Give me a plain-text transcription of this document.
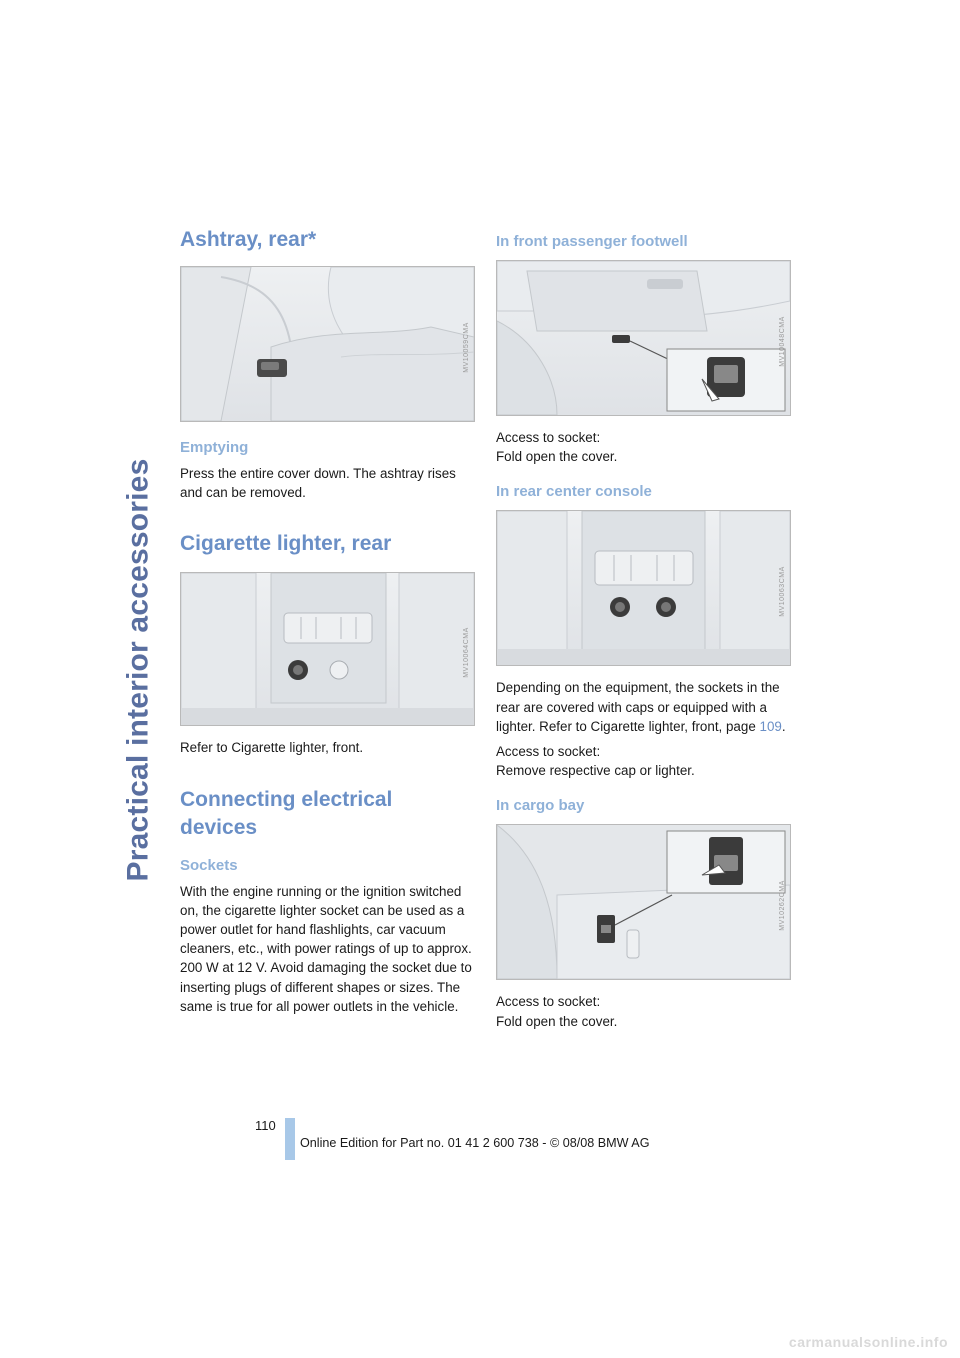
Practical interior accessories
Ashtray, rear*
MV10059CMA
Emptying

Press the entire cover down. The ashtray rises and can be removed.

Cigarette lighter, rear
MV10064CMA

Refer to Cigarette lighter, front.

Connecting electrical devices
Sockets

With the engine running or the ignition switched on, the cigarette lighter socket can be used as a power outlet for hand flashlights, car vacuum cleaners, etc., with power ratings of up to approx. 200 W at 12 V. Avoid damaging the socket due to inserting plugs of different shapes or sizes. The same is true for all power outlets in the vehicle.

In front passenger footwell
MV10048CMA

Access to socket:

Fold open the cover.

In rear center console
MV10063CMA

Depending on the equipment, the sockets in the rear are covered with caps or equipped with a lighter. Refer to Cigarette lighter, front, page 109.

Access to socket:

Remove respective cap or lighter.

In cargo bay
MV10262CMA

Access to socket:

Fold open the cover.

110
Online Edition for Part no. 01 41 2 600 738 - © 08/08 BMW AG
carmanualsonline.info
